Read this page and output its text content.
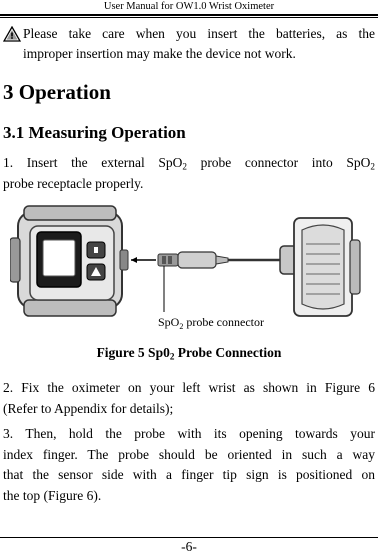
User Manual for OW1.0 Wrist Oximeter
Please take care when you insert the batteries, as the
improper insertion may make the device not work.
3 Operation
3.1 Measuring Operation
1. Insert the external SpO$_2$ probe connector into SpO$_2$
probe receptacle properly.
SpO$_2$ probe connector
Figure 5 $Sp0_2$ Probe Connection
2. Fix the oximeter on your left wrist as shown in Figure 6
(Refer to Appendix for details);
3. Then, hold the probe with its opening towards your
index finger. The probe should be oriented in such a way
that the sensor side with a finger tip sign is positioned on
the top (Figure 6).
-6-
